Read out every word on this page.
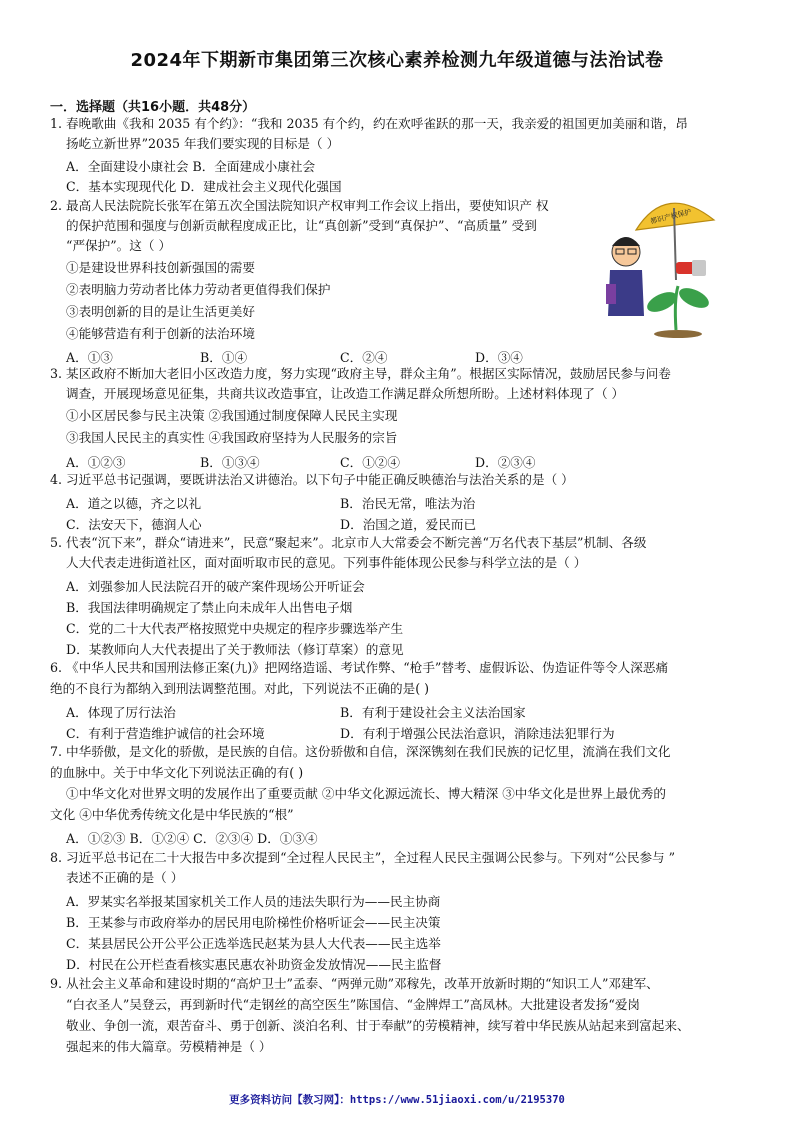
2024年下期新市集团第三次核心素养检测九年级道德与法治试卷
一．选择题（共16小题．共48分）
1. 春晚歌曲《我和 2035 有个约》：“我和 2035 有个约，约在欢呼雀跃的那一天，我亲爱的祖国更加美丽和谐，昂
扬屹立新世界”2035 年我们要实现的目标是（ ）
A．全面建设小康社会 B．全面建成小康社会
C．基本实现现代化 D．建成社会主义现代化强国
2. 最高人民法院院长张军在第五次全国法院知识产权审判工作会议上指出，要使知识产 权
的保护范围和强度与创新贡献程度成正比，让“真创新”受到“真保护”、“高质量” 受到
“严保护”。这（ ）
①是建设世界科技创新强国的需要
②表明脑力劳动者比体力劳动者更值得我们保护
③表明创新的目的是让生活更美好
④能够营造有利于创新的法治环境
A．①③	B．①④	C．②④	D．③④
都识产权保护
3. 某区政府不断加大老旧小区改造力度，努力实现“政府主导，群众主角”。根据区实际情况，鼓励居民参与问卷
调查，开展现场意见征集，共商共议改造事宜，让改造工作满足群众所想所盼。上述材料体现了（ ）
①小区居民参与民主决策 ②我国通过制度保障人民民主实现
③我国人民民主的真实性 ④我国政府坚持为人民服务的宗旨
A．①②③	B．①③④	C．①②④	D．②③④
4. 习近平总书记强调，要既讲法治又讲德治。以下句子中能正确反映德治与法治关系的是（ ）
A．道之以德，齐之以礼	B．治民无常，唯法为治
C．法安天下，德润人心	D．治国之道，爱民而已
5. 代表“沉下来”，群众“请进来”，民意“聚起来”。北京市人大常委会不断完善“万名代表下基层”机制、各级
人大代表走进街道社区，面对面听取市民的意见。下列事件能体现公民参与科学立法的是（ ）
A．刘强参加人民法院召开的破产案件现场公开听证会
B．我国法律明确规定了禁止向未成年人出售电子烟
C．党的二十大代表严格按照党中央规定的程序步骤选举产生
D．某教师向人大代表提出了关于教师法（修订草案）的意见
6. 《中华人民共和国刑法修正案(九)》把网络造谣、考试作弊、“枪手”替考、虚假诉讼、伪造证件等令人深恶痛
绝的不良行为都纳入到刑法调整范围。对此，下列说法不正确的是( )
A．体现了厉行法治	B．有利于建设社会主义法治国家
C．有利于营造维护诚信的社会环境	D．有利于增强公民法治意识，消除违法犯罪行为
7. 中华骄傲，是文化的骄傲，是民族的自信。这份骄傲和自信，深深镌刻在我们民族的记忆里，流淌在我们文化
的血脉中。关于中华文化下列说法正确的有( )
①中华文化对世界文明的发展作出了重要贡献 ②中华文化源远流长、博大精深 ③中华文化是世界上最优秀的
文化 ④中华优秀传统文化是中华民族的“根”
A．①②③ B．①②④ C．②③④ D．①③④
8. 习近平总书记在二十大报告中多次提到“全过程人民民主”，全过程人民民主强调公民参与。下列对“公民参与 ”
表述不正确的是（ ）
A．罗某实名举报某国家机关工作人员的违法失职行为——民主协商
B．王某参与市政府举办的居民用电阶梯性价格听证会——民主决策
C．某县居民公开公平公正选举选民赵某为县人大代表——民主选举
D．村民在公开栏查看核实惠民惠农补助资金发放情况——民主监督
9. 从社会主义革命和建设时期的“高炉卫士”孟泰、“两弹元勋”邓稼先，改革开放新时期的“知识工人”邓建军、
“白衣圣人”吴登云，再到新时代“走钢丝的高空医生”陈国信、“金牌焊工”高凤林。大批建设者发扬“爱岗
敬业、争创一流，艰苦奋斗、勇于创新、淡泊名利、甘于奉献”的劳模精神，续写着中华民族从站起来到富起来、
强起来的伟大篇章。劳模精神是（ ）
更多资料访问【教习网】：https://www.51jiaoxi.com/u/2195370
